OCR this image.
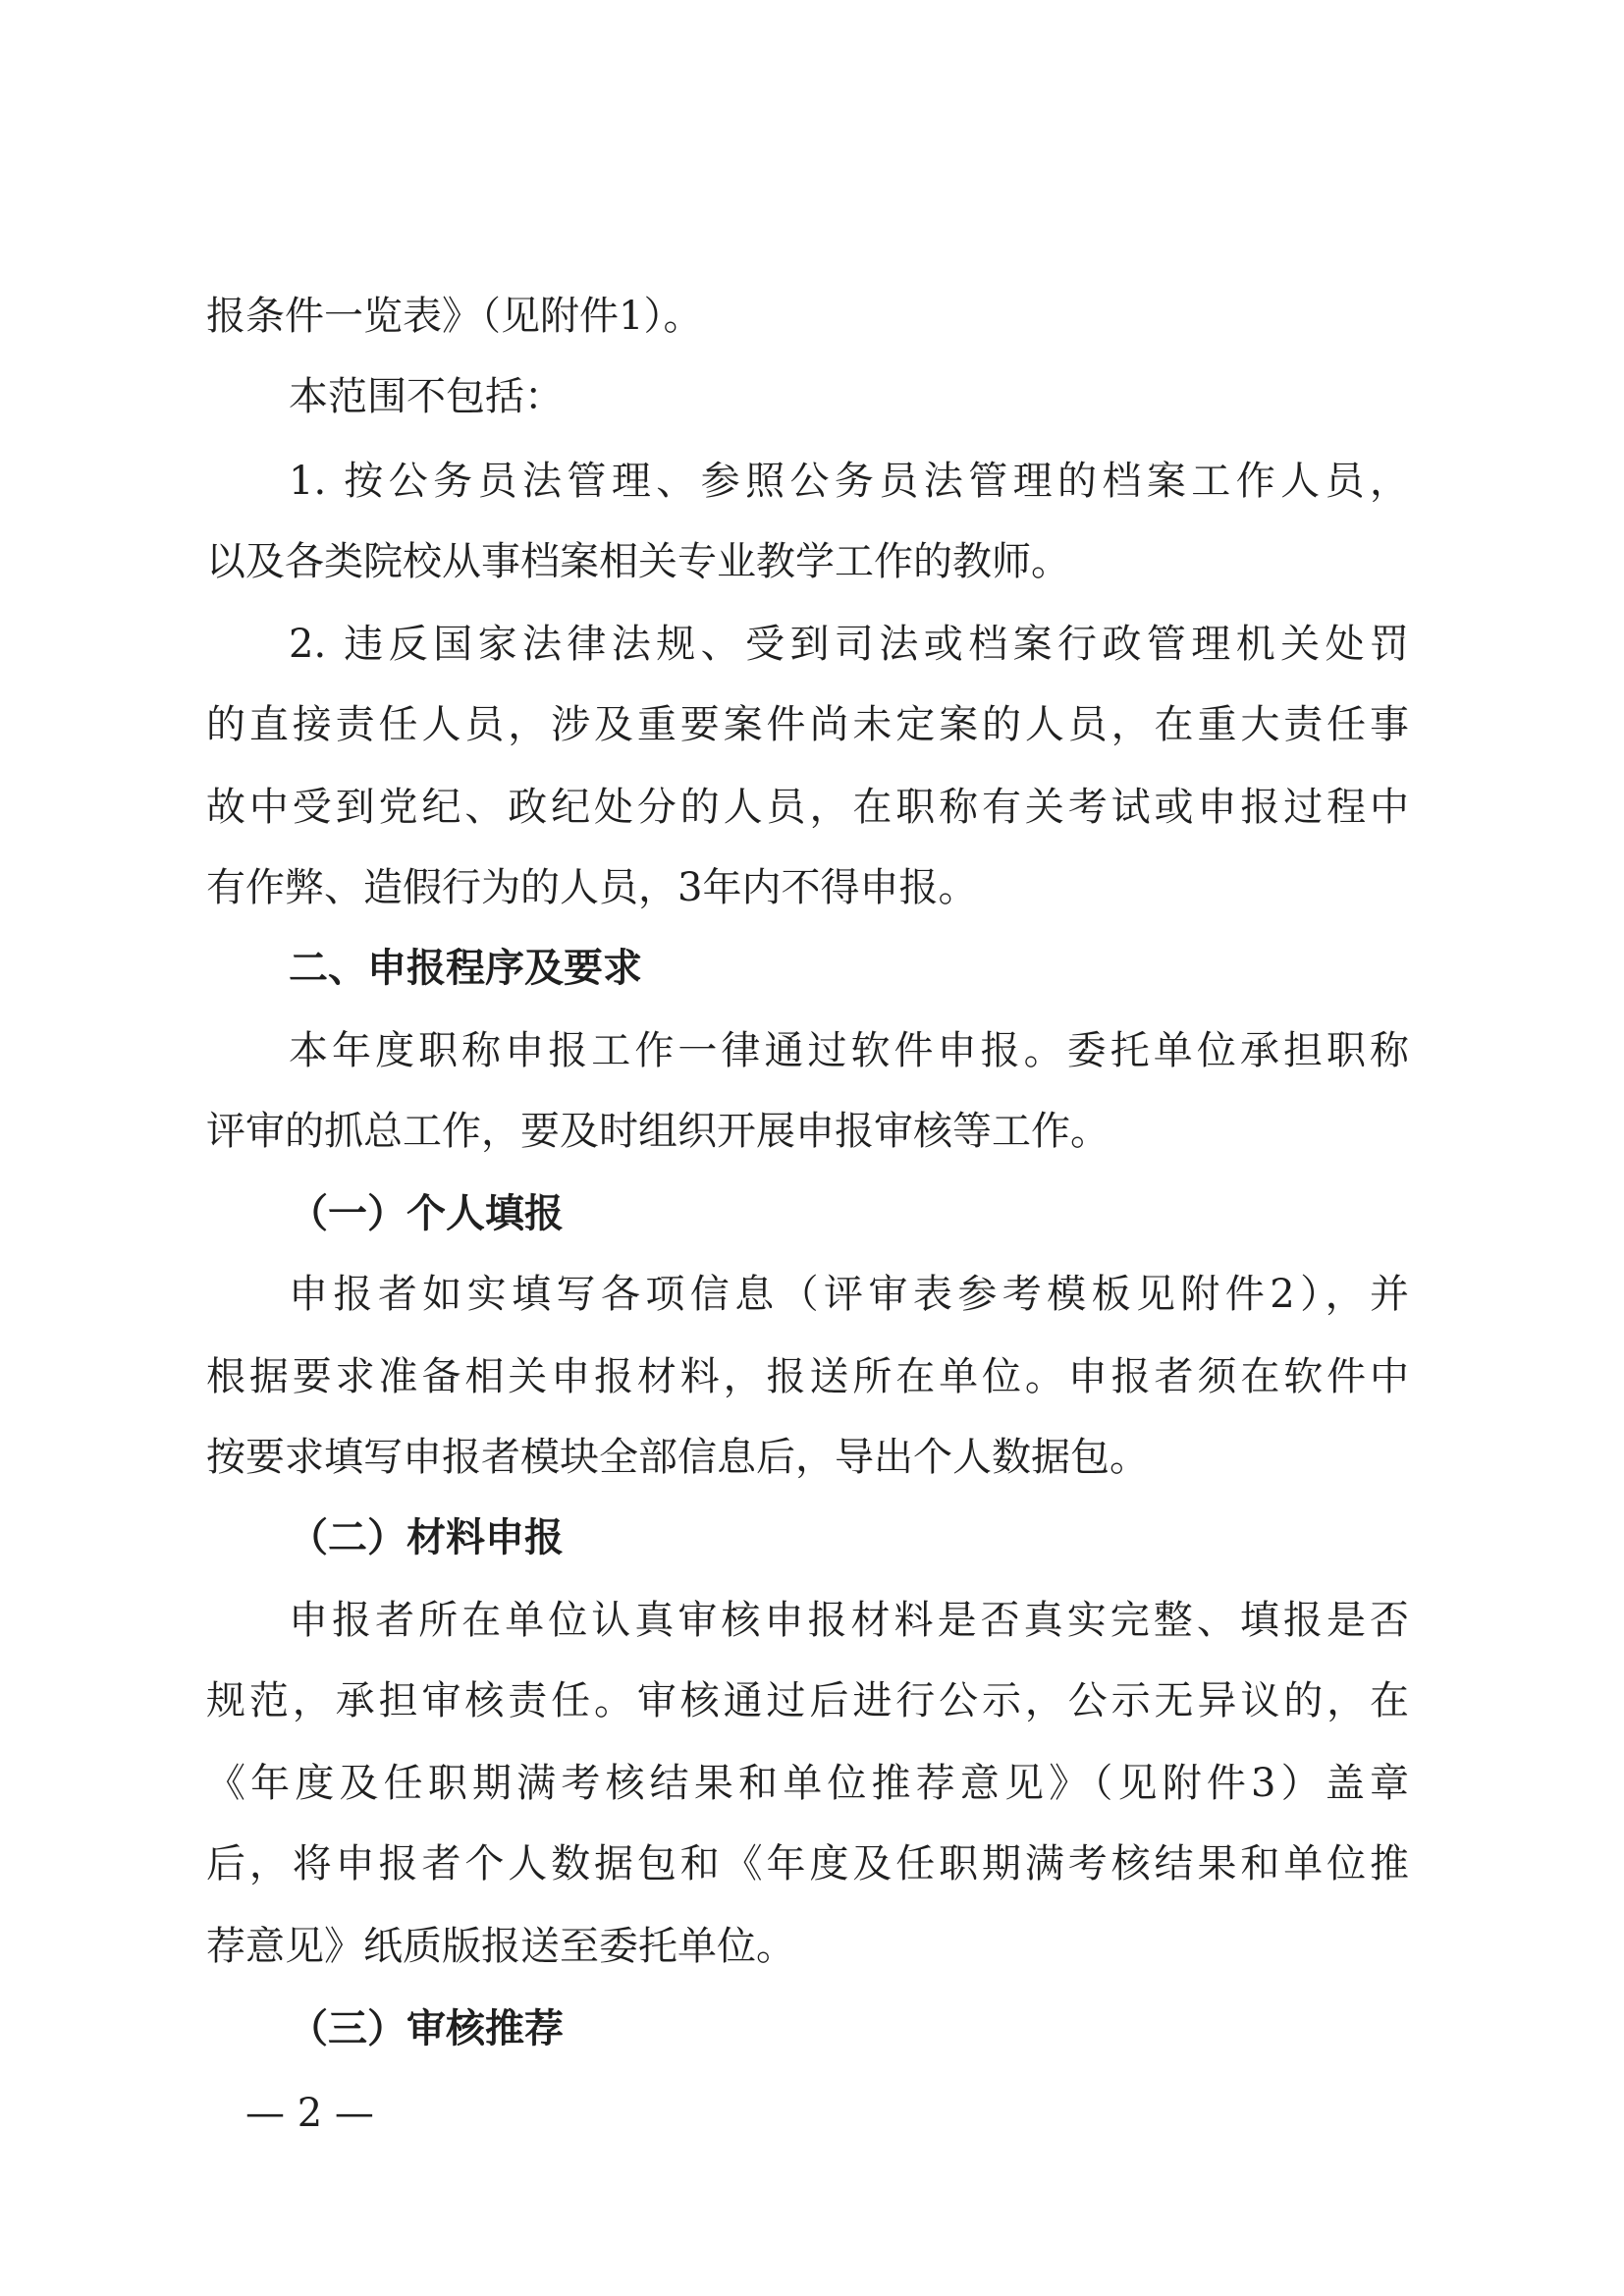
报条件一览表》（见附件1）。
本范围不包括：
1. 按公务员法管理、参照公务员法管理的档案工作人员，
以及各类院校从事档案相关专业教学工作的教师。
2. 违反国家法律法规、受到司法或档案行政管理机关处罚
的直接责任人员，涉及重要案件尚未定案的人员，在重大责任事
故中受到党纪、政纪处分的人员，在职称有关考试或申报过程中
有作弊、造假行为的人员，3年内不得申报。
二、申报程序及要求
本年度职称申报工作一律通过软件申报。委托单位承担职称
评审的抓总工作，要及时组织开展申报审核等工作。
（一）个人填报
申报者如实填写各项信息（评审表参考模板见附件2），并
根据要求准备相关申报材料，报送所在单位。申报者须在软件中
按要求填写申报者模块全部信息后，导出个人数据包。
（二）材料申报
申报者所在单位认真审核申报材料是否真实完整、填报是否
规范，承担审核责任。审核通过后进行公示，公示无异议的，在
《年度及任职期满考核结果和单位推荐意见》（见附件3）盖章
后，将申报者个人数据包和《年度及任职期满考核结果和单位推
荐意见》纸质版报送至委托单位。
（三）审核推荐
— 2 —
